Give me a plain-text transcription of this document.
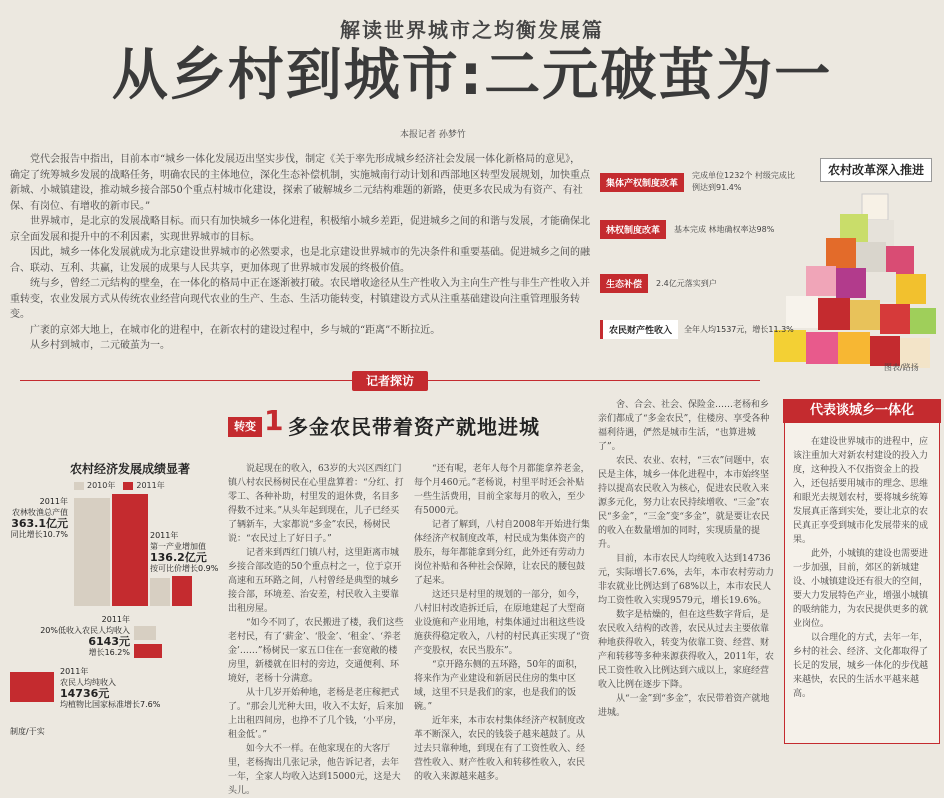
解读世界城市之均衡发展篇
从乡村到城市:二元破茧为一
本报记者 孙梦竹

党代会报告中指出，目前本市“城乡一体化发展迈出坚实步伐，制定《关于率先形成城乡经济社会发展一体化新格局的意见》，确定了统筹城乡发展的战略任务，明确农民的主体地位，深化生态补偿机制，实施城南行动计划和西部地区转型发展规划，加快重点新城、小城镇建设，推动城乡接合部50个重点村城市化建设，探索了破解城乡二元结构难题的新路，使更多农民成为有资产、有社保、有岗位、有增收的新市民。”

世界城市，是北京的发展战略目标。而只有加快城乡一体化进程，积极缩小城乡差距，促进城乡之间的和谐与发展，才能确保北京全面发展和提升中的不利因素，实现世界城市的目标。

因此，城乡一体化发展就成为北京建设世界城市的必然要求，也是北京建设世界城市的先决条件和重要基础。促进城乡之间的融合、联动、互利、共赢，让发展的成果与人民共享，更加体现了世界城市发展的终极价值。

统与乡，曾经二元结构的壁垒，在一体化的格局中正在逐渐被打破。农民增收途径从生产性收入为主向生产性与非生产性收入并重转变，农业发展方式从传统农业经营向现代农业的生产、生态、生活功能转变，村镇建设方式从注重基础建设向注重管理服务转变。

广袤的京郊大地上，在城市化的进程中，在新农村的建设过程中，乡与城的“距离”不断拉近。

从乡村到城市，二元破茧为一。

农村改革深入推进
集体产权制度改革
完成单位1232个 村级完成比例达到91.4%
林权制度改革	基本完成 林地确权率达98%
生态补偿	2.4亿元落实到户
农民财产性收入	全年人均1537元，增长11.3%
图表/路扬
记者探访
转变 1 多金农民带着资产就地进城
农村经济发展成绩显著
2010年	2011年
2011年
农林牧渔总产值
363.1亿元
同比增长10.7%	2011年
第一产业增加值
136.2亿元
按可比价增长0.9%
2011年
20%低收入农民人均收入
6143元
增长16.2%
2011年
农民人均纯收入
14736元
均植物比国家标准增长7.6%
制度/于实

说起现在的收入，63岁的大兴区西红门镇八村农民杨树民在心里盘算着：“分红、打零工、各种补助，村里发的退休费，名目多得数不过来。”从头年起到现在，儿子已经买了辆新车，大家都说“多金”农民，杨树民说：“农民过上了好日子。”

记者来到西红门镇八村，这里距离市城乡接合部改造的50个重点村之一，位于京开高速和五环路之间，八村曾经是典型的城乡接合部，环境差、治安差，村民收入主要靠出租房屋。

“如今不同了，农民搬进了楼，我们这些老村民，有了‘薪金’、‘股金’、‘租金’、‘养老金’……”杨树民一家五口住在一套宽敞的楼房里，新楼就在旧村的旁边，交通便利、环境好，老杨十分满意。

从十几岁开始种地，老杨是老庄稼把式了。“那会儿光种大田，收入不太好，后来加上出租四间房，也挣不了几个钱，‘小平房，租金低’。”

如今大不一样。在他家现在的大客厅里，老杨掏出几张记录，他告诉记者，去年一年，全家人均收入达到15000元，这是大头儿。

“还有呢，老年人每个月都能拿养老金，每个月460元。”老杨说，村里平时还会补贴一些生活费用，目前全家每月的收入，至少有5000元。

记者了解到，八村自2008年开始进行集体经济产权制度改革，村民成为集体资产的股东，每年都能拿到分红，此外还有劳动力岗位补贴和各种社会保障，让农民的腰包鼓了起来。

这还只是村里的规划的一部分，如今，八村旧村改造拆迁后，在原地建起了大型商业设施和产业用地，村集体通过出租这些设施获得稳定收入，八村的村民真正实现了“资产变股权，农民当股东”。

“京开路东侧的五环路，50年的面积，将来作为产业建设和新居民住房的集中区域，这里不只是我们的家，也是我们的饭碗。”

近年来，本市农村集体经济产权制度改革不断深入，农民的钱袋子越来越鼓了。从过去只靠种地，到现在有了工资性收入、经营性收入、财产性收入和转移性收入，农民的收入来源越来越多。

舍、合会、社会、保险金……老杨和乡亲们都成了“多金农民”，住楼房、享受各种福利待遇，俨然是城市生活，“也算进城了”。

农民、农业、农村，“三农”问题中，农民是主体，城乡一体化进程中，本市始终坚持以提高农民收入为核心，促进农民收入来源多元化，努力让农民持续增收、“三金”农民“多金”，“三金”变“多金”，就是要让农民的收入在数量增加的同时，实现质量的提升。

目前，本市农民人均纯收入达到14736元，实际增长7.6%，去年，本市农村劳动力非农就业比例达到了68%以上，本市农民人均工资性收入实现9579元，增长19.6%。

数字是枯燥的，但在这些数字背后，是农民收入结构的改善，农民从过去主要依靠种地获得收入，转变为依靠工资、经营、财产和转移等多种来源获得收入，2011年，农民工资性收入比例达到六成以上，家庭经营收入比例在逐步下降。

从“一金”到“多金”，农民带着资产就地进城。

代表谈城乡一体化

在建设世界城市的进程中，应该注重加大对新农村建设的投入力度，这种投入不仅指资金上的投入，还包括要用城市的理念、思维和眼光去规划农村，要将城乡统筹发展真正落到实处，要让北京的农民真正享受到城市化发展带来的成果。

此外，小城镇的建设也需要进一步加强，目前，郊区的新城建设、小城镇建设还有很大的空间，要大力发展特色产业，增强小城镇的吸纳能力，为农民提供更多的就业岗位。

以合理化的方式，去年一年，乡村的社会、经济、文化都取得了长足的发展，城乡一体化的步伐越来越快，农民的生活水平越来越高。
